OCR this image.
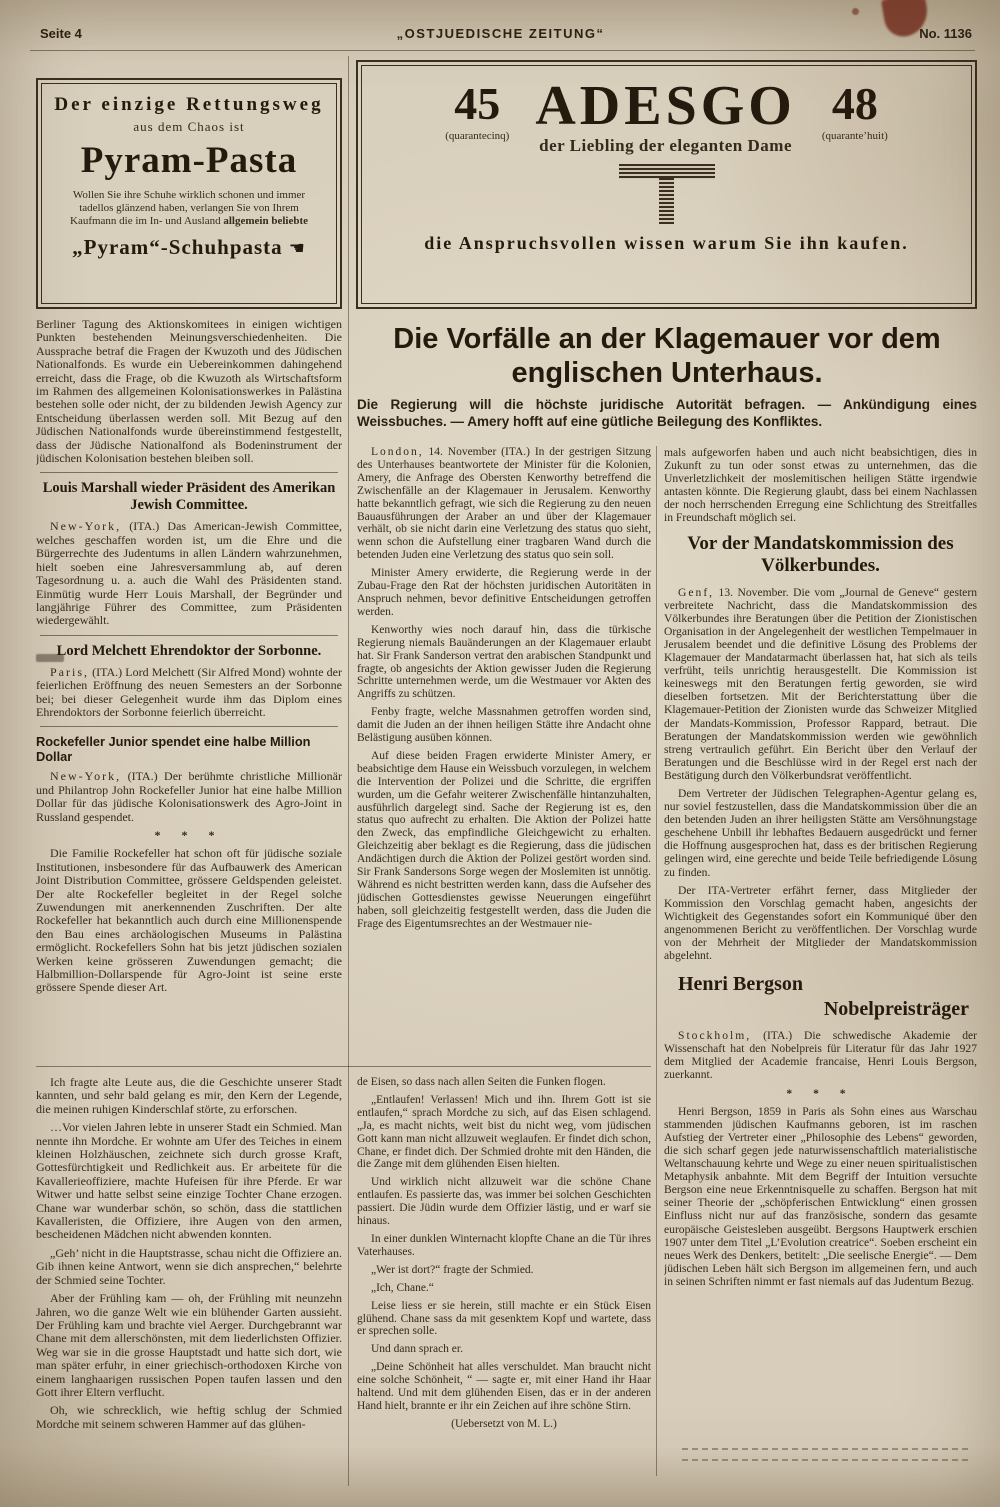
Seite 4	„OSTJUEDISCHE ZEITUNG“	No. 1136
Der einzige Rettungsweg
aus dem Chaos ist
Pyram-Pasta
Wollen Sie ihre Schuhe wirklich schonen und immer tadellos glänzend haben, verlangen Sie von Ihrem Kaufmann die im In- und Ausland allgemein beliebte
„Pyram“-Schuhpasta ☚
45
(quarantecinq) ADESGO
der Liebling der eleganten Dame
48
(quarante’huit)
die Anspruchsvollen wissen warum Sie ihn kaufen.
Die Vorfälle an der Klagemauer vor dem
englischen Unterhaus.
Die Regierung will die höchste juridische Autorität befragen. — Ankündigung eines Weissbuches. — Amery hofft auf eine gütliche Beilegung des Konfliktes.

Berliner Tagung des Aktionskomitees in einigen wichtigen Punkten bestehenden Meinungsverschiedenheiten. Die Aussprache betraf die Fragen der Kwuzoth und des Jüdischen Nationalfonds. Es wurde ein Uebereinkommen dahingehend erreicht, dass die Frage, ob die Kwuzoth als Wirtschaftsform im Rahmen des allgemeinen Kolonisationswerkes in Palästina bestehen solle oder nicht, der zu bildenden Jewish Agency zur Entscheidung überlassen werden soll. Mit Bezug auf den Jüdischen Nationalfonds wurde übereinstimmend festgestellt, dass der Jüdische Nationalfond als Bodeninstrument der jüdischen Kolonisation bestehen bleiben soll.

Louis Marshall wieder Präsident des Amerikan Jewish Committee.

New-York, (ITA.) Das American-Jewish Committee, welches geschaffen worden ist, um die Ehre und die Bürgerrechte des Judentums in allen Ländern wahrzunehmen, hielt soeben eine Jahresversammlung ab, auf deren Tagesordnung u. a. auch die Wahl des Präsidenten stand. Einmütig wurde Herr Louis Marshall, der Begründer und langjährige Führer des Committee, zum Präsidenten wiedergewählt.

Lord Melchett Ehrendoktor der Sorbonne.

Paris, (ITA.) Lord Melchett (Sir Alfred Mond) wohnte der feierlichen Eröffnung des neuen Semesters an der Sorbonne bei; bei dieser Gelegenheit wurde ihm das Diplom eines Ehrendoktors der Sorbonne feierlich überreicht.

Rockefeller Junior spendet eine halbe Million Dollar

New-York, (ITA.) Der berühmte christliche Millionär und Philantrop John Rockefeller Junior hat eine halbe Million Dollar für das jüdische Kolonisationswerk des Agro-Joint in Russland gespendet.

* * *

Die Familie Rockefeller hat schon oft für jüdische soziale Institutionen, insbesondere für das Aufbauwerk des American Joint Distribution Committee, grössere Geldspenden geleistet. Der alte Rockefeller begleitet in der Regel solche Zuwendungen mit anerkennenden Zuschriften. Der alte Rockefeller hat bekanntlich auch durch eine Millionenspende den Bau eines archäologischen Museums in Palästina ermöglicht. Rockefellers Sohn hat bis jetzt jüdischen sozialen Werken keine grösseren Zuwendungen gemacht; die Halbmillion-Dollarspende für Agro-Joint ist seine erste grössere Spende dieser Art.

London, 14. November (ITA.) In der gestrigen Sitzung des Unterhauses beantwortete der Minister für die Kolonien, Amery, die Anfrage des Obersten Kenworthy betreffend die Zwischenfälle an der Klagemauer in Jerusalem. Kenworthy hatte bekanntlich gefragt, wie sich die Regierung zu den neuen Bauausführungen der Araber an und über der Klagemauer verhält, ob sie nicht darin eine Verletzung des status quo sieht, wenn schon die Aufstellung einer tragbaren Wand durch die betenden Juden eine Verletzung des status quo sein soll.

Minister Amery erwiderte, die Regierung werde in der Zubau-Frage den Rat der höchsten juridischen Autoritäten in Anspruch nehmen, bevor definitive Entscheidungen getroffen werden.

Kenworthy wies noch darauf hin, dass die türkische Regierung niemals Bauänderungen an der Klagemauer erlaubt hat. Sir Frank Sanderson vertrat den arabischen Standpunkt und fragte, ob angesichts der Aktion gewisser Juden die Regierung Schritte unternehmen werde, um die Westmauer vor Akten des Angriffs zu schützen.

Fenby fragte, welche Massnahmen getroffen worden sind, damit die Juden an der ihnen heiligen Stätte ihre Andacht ohne Belästigung ausüben können.

Auf diese beiden Fragen erwiderte Minister Amery, er beabsichtige dem Hause ein Weissbuch vorzulegen, in welchem die Intervention der Polizei und die Schritte, die ergriffen wurden, um die Gefahr weiterer Zwischenfälle hintanzuhalten, ausführlich dargelegt sind. Sache der Regierung ist es, den status quo aufrecht zu erhalten. Die Aktion der Polizei hatte den Zweck, das empfindliche Gleichgewicht zu erhalten. Gleichzeitig aber beklagt es die Regierung, dass die jüdischen Andächtigen durch die Aktion der Polizei gestört worden sind. Sir Frank Sandersons Sorge wegen der Moslemiten ist unnötig. Während es nicht bestritten werden kann, dass die Aufseher des jüdischen Gottesdienstes gewisse Neuerungen eingeführt haben, soll gleichzeitig festgestellt werden, dass die Juden die Frage des Eigentumsrechtes an der Westmauer nie-

mals aufgeworfen haben und auch nicht beabsichtigen, dies in Zukunft zu tun oder sonst etwas zu unternehmen, das die Unverletzlichkeit der moslemitischen heiligen Stätte irgendwie antasten könnte. Die Regierung glaubt, dass bei einem Nachlassen der noch herrschenden Erregung eine Schlichtung des Streitfalles in Freundschaft möglich sei.

Vor der Mandatskommission des Völkerbundes.

Genf, 13. November. Die vom „Journal de Geneve“ gestern verbreitete Nachricht, dass die Mandatskommission des Völkerbundes ihre Beratungen über die Petition der Zionistischen Organisation in der Angelegenheit der westlichen Tempelmauer in Jerusalem beendet und die definitive Lösung des Problems der Klagemauer der Mandatarmacht überlassen hat, hat sich als teils verfrüht, teils unrichtig herausgestellt. Die Kommission ist keineswegs mit den Beratungen fertig geworden, sie wird dieselben fortsetzen. Mit der Berichterstattung über die Klagemauer-Petition der Zionisten wurde das Schweizer Mitglied der Mandats-Kommission, Professor Rappard, betraut. Die Beratungen der Mandatskommission werden wie gewöhnlich streng vertraulich geführt. Ein Bericht über den Verlauf der Beratungen und die Beschlüsse wird in der Regel erst nach der Bestätigung durch den Völkerbundsrat veröffentlicht.

Dem Vertreter der Jüdischen Telegraphen-Agentur gelang es, nur soviel festzustellen, dass die Mandatskommission über die an den betenden Juden an ihrer heiligsten Stätte am Versöhnungstage geschehene Unbill ihr lebhaftes Bedauern ausgedrückt und ferner die Hoffnung ausgesprochen hat, dass es der britischen Regierung gelingen wird, eine gerechte und beide Teile befriedigende Lösung zu finden.

Der ITA-Vertreter erfährt ferner, dass Mitglieder der Kommission den Vorschlag gemacht haben, angesichts der Wichtigkeit des Gegenstandes sofort ein Kommuniqué über den angenommenen Bericht zu veröffentlichen. Der Vorschlag wurde von der Mehrheit der Mitglieder der Mandatskommission abgelehnt.

Henri Bergson
Nobelpreisträger

Stockholm, (ITA.) Die schwedische Akademie der Wissenschaft hat den Nobelpreis für Literatur für das Jahr 1927 dem Mitglied der Academie francaise, Henri Louis Bergson, zuerkannt.

* * *

Henri Bergson, 1859 in Paris als Sohn eines aus Warschau stammenden jüdischen Kaufmanns geboren, ist im raschen Aufstieg der Vertreter einer „Philosophie des Lebens“ geworden, die sich scharf gegen jede naturwissenschaftlich materialistische Weltanschauung kehrte und Wege zu einer neuen spiritualistischen Metaphysik anbahnte. Mit dem Begriff der Intuition versuchte Bergson eine neue Erkenntnisquelle zu schaffen. Bergson hat mit seiner Theorie der „schöpferischen Entwicklung“ einen grossen Einfluss nicht nur auf das französische, sondern das gesamte europäische Geistesleben ausgeübt. Bergsons Hauptwerk erschien 1907 unter dem Titel „L’Evolution creatrice“. Soeben erscheint ein neues Werk des Denkers, betitelt: „Die seelische Energie“. — Dem jüdischen Leben hält sich Bergson im allgemeinen fern, und auch in seinen Schriften nimmt er fast niemals auf das Judentum Bezug.

Ich fragte alte Leute aus, die die Geschichte unserer Stadt kannten, und sehr bald gelang es mir, den Kern der Legende, die meinen ruhigen Kinderschlaf störte, zu erforschen.

…Vor vielen Jahren lebte in unserer Stadt ein Schmied. Man nennte ihn Mordche. Er wohnte am Ufer des Teiches in einem kleinen Holzhäuschen, zeichnete sich durch grosse Kraft, Gottesfürchtigkeit und Redlichkeit aus. Er arbeitete für die Kavallerieoffiziere, machte Hufeisen für ihre Pferde. Er war Witwer und hatte selbst seine einzige Tochter Chane erzogen. Chane war wunderbar schön, so schön, dass die stattlichen Kavalleristen, die Offiziere, ihre Augen von den armen, bescheidenen Mädchen nicht abwenden konnten.

„Geh’ nicht in die Hauptstrasse, schau nicht die Offiziere an. Gib ihnen keine Antwort, wenn sie dich ansprechen,“ belehrte der Schmied seine Tochter.

Aber der Frühling kam — oh, der Frühling mit neunzehn Jahren, wo die ganze Welt wie ein blühender Garten aussieht. Der Frühling kam und brachte viel Aerger. Durchgebrannt war Chane mit dem allerschönsten, mit dem liederlichsten Offizier. Weg war sie in die grosse Hauptstadt und hatte sich dort, wie man später erfuhr, in einer griechisch-orthodoxen Kirche von einem langhaarigen russischen Popen taufen lassen und den Gott ihrer Eltern verflucht.

Oh, wie schrecklich, wie heftig schlug der Schmied Mordche mit seinem schweren Hammer auf das glühen-

de Eisen, so dass nach allen Seiten die Funken flogen.

„Entlaufen! Verlassen! Mich und ihn. Ihrem Gott ist sie entlaufen,“ sprach Mordche zu sich, auf das Eisen schlagend. „Ja, es macht nichts, weit bist du nicht weg, vom jüdischen Gott kann man nicht allzuweit weglaufen. Er findet dich schon, Chane, er findet dich. Der Schmied drohte mit den Händen, die die Zange mit dem glühenden Eisen hielten.

Und wirklich nicht allzuweit war die schöne Chane entlaufen. Es passierte das, was immer bei solchen Geschichten passiert. Die Jüdin wurde dem Offizier lästig, und er warf sie hinaus.

In einer dunklen Winternacht klopfte Chane an die Tür ihres Vaterhauses.

„Wer ist dort?“ fragte der Schmied.

„Ich, Chane.“

Leise liess er sie herein, still machte er ein Stück Eisen glühend. Chane sass da mit gesenktem Kopf und wartete, dass er sprechen solle.

Und dann sprach er.

„Deine Schönheit hat alles verschuldet. Man braucht nicht eine solche Schönheit, “ — sagte er, mit einer Hand ihr Haar haltend. Und mit dem glühenden Eisen, das er in der anderen Hand hielt, brannte er ihr ein Zeichen auf ihre schöne Stirn.

(Uebersetzt von M. L.)
